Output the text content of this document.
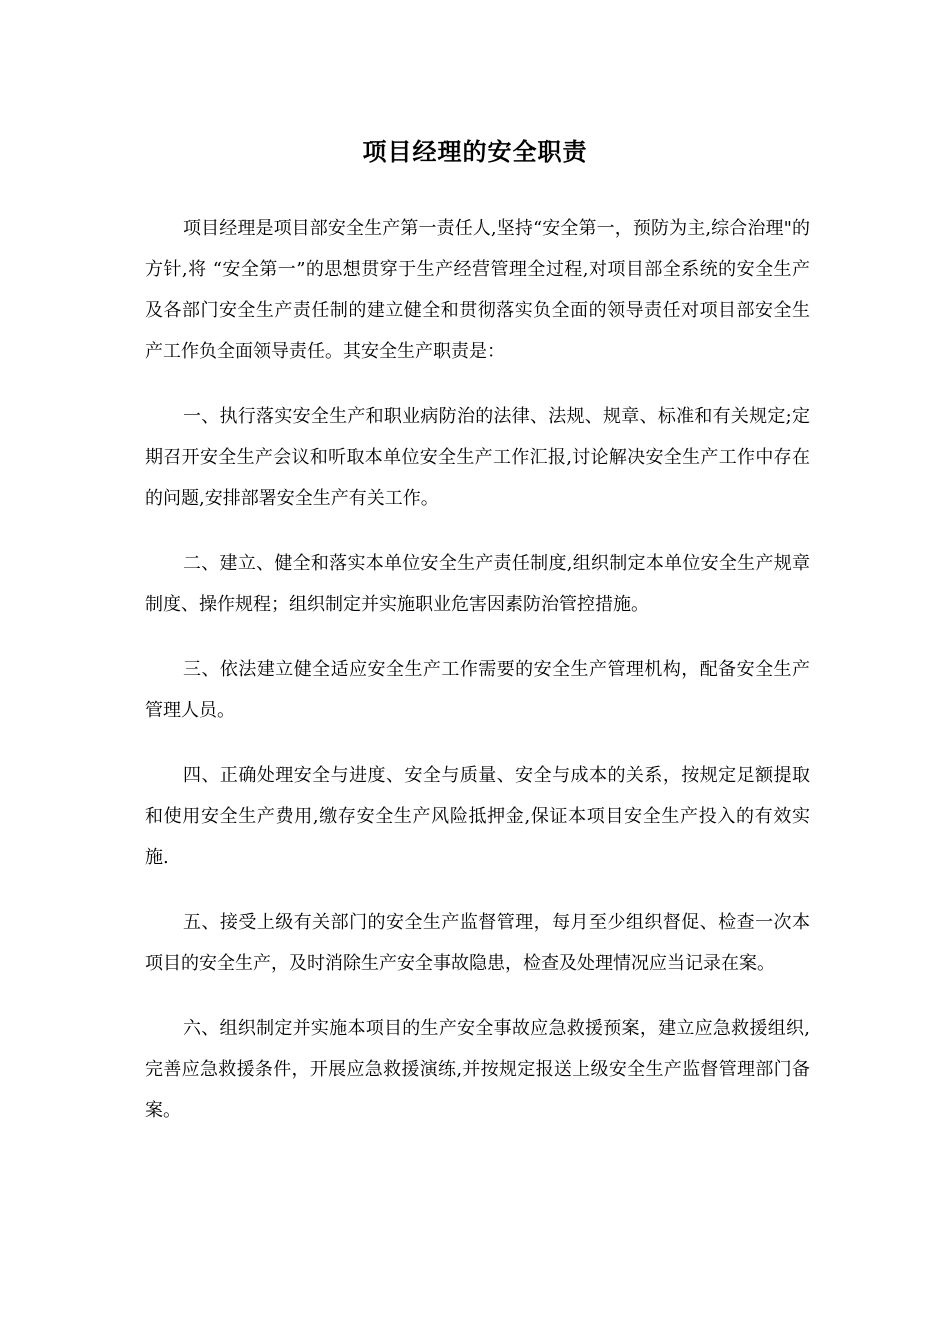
项目经理的安全职责

项目经理是项目部安全生产第一责任人,坚持“安全第一，预防为主,综合治理"的方针,将 “安全第一”的思想贯穿于生产经营管理全过程,对项目部全系统的安全生产及各部门安全生产责任制的建立健全和贯彻落实负全面的领导责任对项目部安全生产工作负全面领导责任。其安全生产职责是：

一、执行落实安全生产和职业病防治的法律、法规、规章、标准和有关规定;定期召开安全生产会议和听取本单位安全生产工作汇报,讨论解决安全生产工作中存在的问题,安排部署安全生产有关工作。

二、建立、健全和落实本单位安全生产责任制度,组织制定本单位安全生产规章制度、操作规程；组织制定并实施职业危害因素防治管控措施。

三、依法建立健全适应安全生产工作需要的安全生产管理机构，配备安全生产管理人员。

四、正确处理安全与进度、安全与质量、安全与成本的关系，按规定足额提取和使用安全生产费用,缴存安全生产风险抵押金,保证本项目安全生产投入的有效实施.

五、接受上级有关部门的安全生产监督管理，每月至少组织督促、检查一次本项目的安全生产，及时消除生产安全事故隐患，检查及处理情况应当记录在案。

六、组织制定并实施本项目的生产安全事故应急救援预案，建立应急救援组织,完善应急救援条件，开展应急救援演练,并按规定报送上级安全生产监督管理部门备案。
